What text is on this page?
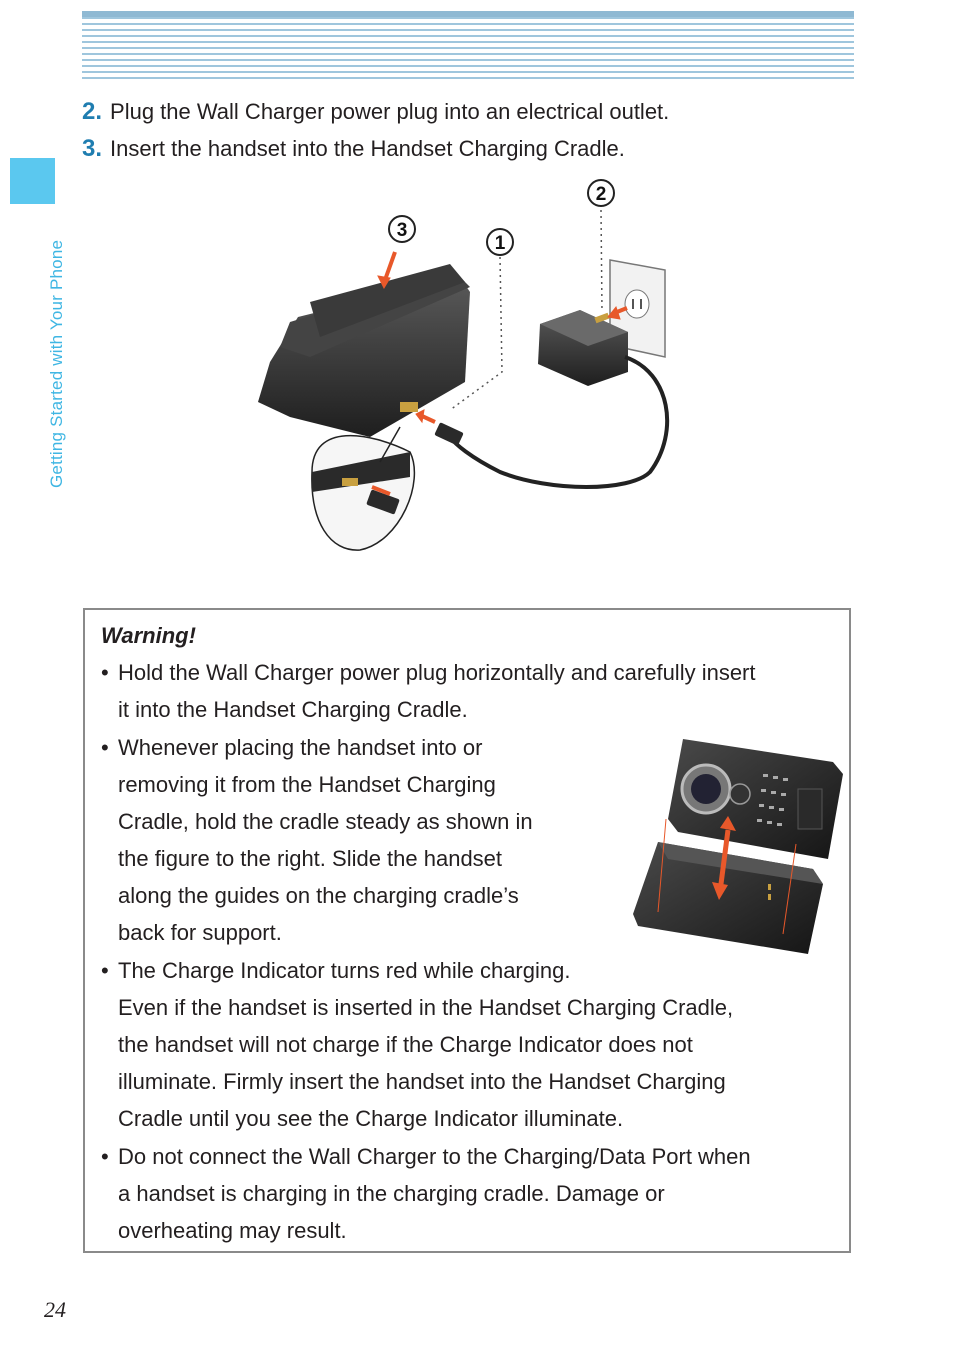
Getting Started with Your Phone
2. Plug the Wall Charger power plug into an electrical outlet.
3. Insert the handset into the Handset Charging Cradle.
1
2
3
Warning!
• Hold the Wall Charger power plug horizontally and carefully insert
it into the Handset Charging Cradle.
• Whenever placing the handset into or
removing it from the Handset Charging
Cradle, hold the cradle steady as shown in
the figure to the right. Slide the handset
along the guides on the charging cradle’s
back for support.
• The Charge Indicator turns red while charging.
Even if the handset is inserted in the Handset Charging Cradle,
the handset will not charge if the Charge Indicator does not
illuminate. Firmly insert the handset into the Handset Charging
Cradle until you see the Charge Indicator illuminate.
• Do not connect the Wall Charger to the Charging/Data Port when
a handset is charging in the charging cradle. Damage or
overheating may result.
24
